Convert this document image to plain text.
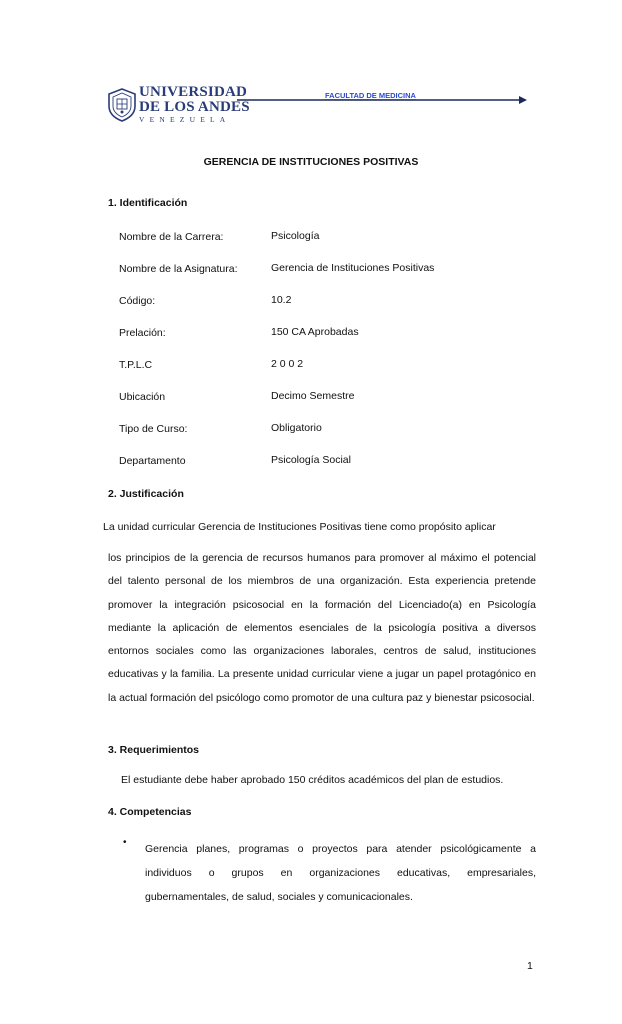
UNIVERSIDAD
DE LOS ANDES
VENEZUELA
FACULTAD DE MEDICINA
GERENCIA DE INSTITUCIONES POSITIVAS
1. Identificación
Nombre de la Carrera:	Psicología
Nombre de la Asignatura:	Gerencia de Instituciones Positivas
Código:	10.2
Prelación:	150 CA Aprobadas
T.P.L.C	2 0 0 2
Ubicación	Decimo Semestre
Tipo de Curso:	Obligatorio
Departamento	Psicología Social
2. Justificación
La unidad curricular Gerencia de Instituciones Positivas tiene como propósito aplicar
los principios de la gerencia de recursos humanos para promover al máximo el potencial del talento personal de los miembros de una organización. Esta experiencia pretende promover la integración psicosocial en la formación del Licenciado(a) en Psicología mediante la aplicación de elementos esenciales de la psicología positiva a diversos entornos sociales como las organizaciones laborales, centros de salud, instituciones educativas y la familia. La presente unidad curricular viene a jugar un papel protagónico en la actual formación del psicólogo como promotor de una cultura paz y bienestar psicosocial.
3. Requerimientos
El estudiante debe haber aprobado 150 créditos académicos del plan de estudios.
4. Competencias
•
Gerencia planes, programas o proyectos para atender psicológicamente a individuos o grupos en organizaciones educativas, empresariales, gubernamentales, de salud, sociales y comunicacionales.
1
